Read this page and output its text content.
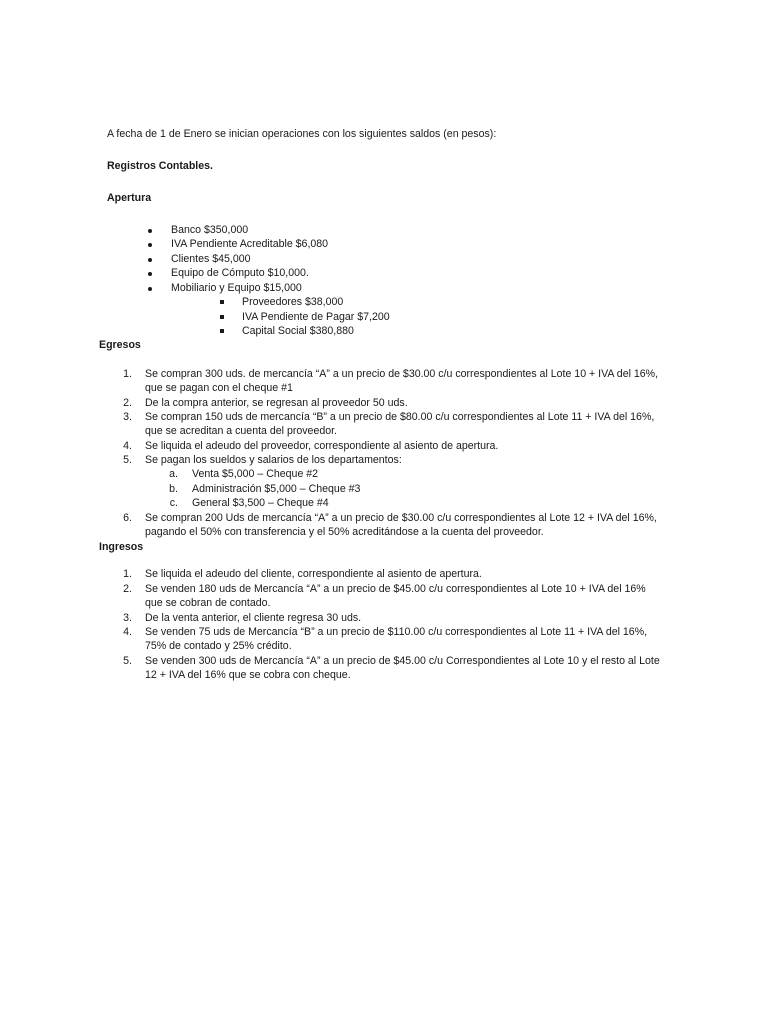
A fecha de 1 de Enero se inician operaciones con los siguientes saldos (en pesos):
Registros Contables.
Apertura
Banco $350,000
IVA Pendiente Acreditable $6,080
Clientes $45,000
Equipo de Cómputo $10,000.
Mobiliario y Equipo $15,000
Proveedores $38,000
IVA Pendiente de Pagar $7,200
Capital Social $380,880
Egresos
1. Se compran 300 uds. de mercancía “A” a un precio de $30.00 c/u correspondientes al Lote 10 + IVA del 16%, que se pagan con el cheque #1
2. De la compra anterior, se regresan al proveedor 50 uds.
3. Se compran 150 uds de mercancía “B” a un precio de $80.00 c/u correspondientes al Lote 11 + IVA del 16%, que se acreditan a cuenta del proveedor.
4. Se liquida el adeudo del proveedor, correspondiente al asiento de apertura.
5. Se pagan los sueldos y salarios de los departamentos:
a. Venta $5,000 – Cheque #2
b. Administración $5,000 – Cheque #3
c. General $3,500 – Cheque #4
6. Se compran 200 Uds de mercancía “A” a un precio de $30.00 c/u correspondientes al Lote 12 + IVA del 16%, pagando el 50% con transferencia y el 50% acreditándose a la cuenta del proveedor.
Ingresos
1. Se liquida el adeudo del cliente, correspondiente al asiento de apertura.
2. Se venden 180 uds de Mercancía “A” a un precio de $45.00 c/u correspondientes al Lote 10 + IVA del 16% que se cobran de contado.
3. De la venta anterior, el cliente regresa 30 uds.
4. Se venden 75 uds de Mercancía “B” a un precio de $110.00 c/u correspondientes al Lote 11 + IVA del 16%, 75% de contado y 25% crédito.
5. Se venden 300 uds de Mercancía “A” a un precio de $45.00 c/u Correspondientes al Lote 10 y el resto al Lote 12 + IVA del 16% que se cobra con cheque.
